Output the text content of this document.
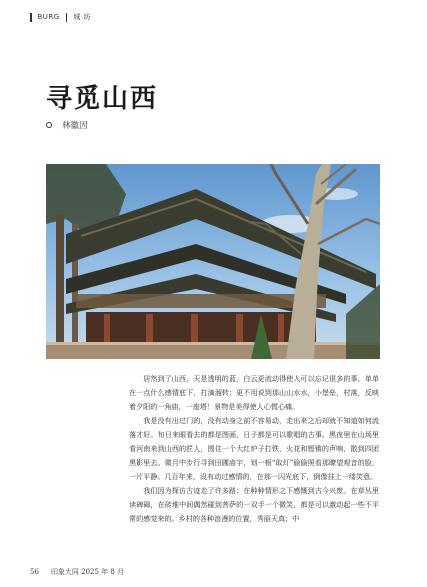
BURG 城 坊
寻觅山西
林徽因

居然到了山西，天是透明的蓝，白云更流动得使人可以忘记很多的事，单单在一点什么感情底下，打滴溜转；更不用说到那山山水水，小堡垒，村落，反映着夕阳的一角庙，一座塔！景物是美得使人心慌心痛。

我是没有出过门的，没有动身之前不容易动，走出来之后却就不知道如何流落才好。旬日来眼看去的都是图画，日子都是可以歌唱的古事。黑夜里在山场里看河南来到山西的匠人，围住一个大红炉子打铁，火花和铿锵的声响，散到四团黑影里去。微月中步行寻到田圃庙宇，划一根“取灯”偷偷照看那瞭望观音的脸，一片平静。几百年来，没有动过感情的，在那一闪光底下，倒像挂上一缕笑意。

我们因为探访古迹走了许多路；在种种情形之下感慨到古今兴废。在草丛里读碑碣，在砖堆中间偶然碰到菩萨的一双手一个微笑，都是可以激动起一些不平常的感觉来的。乡村的各种浪漫的位置，秀丽天真；中

56 印象大同 2025 年 8 月
